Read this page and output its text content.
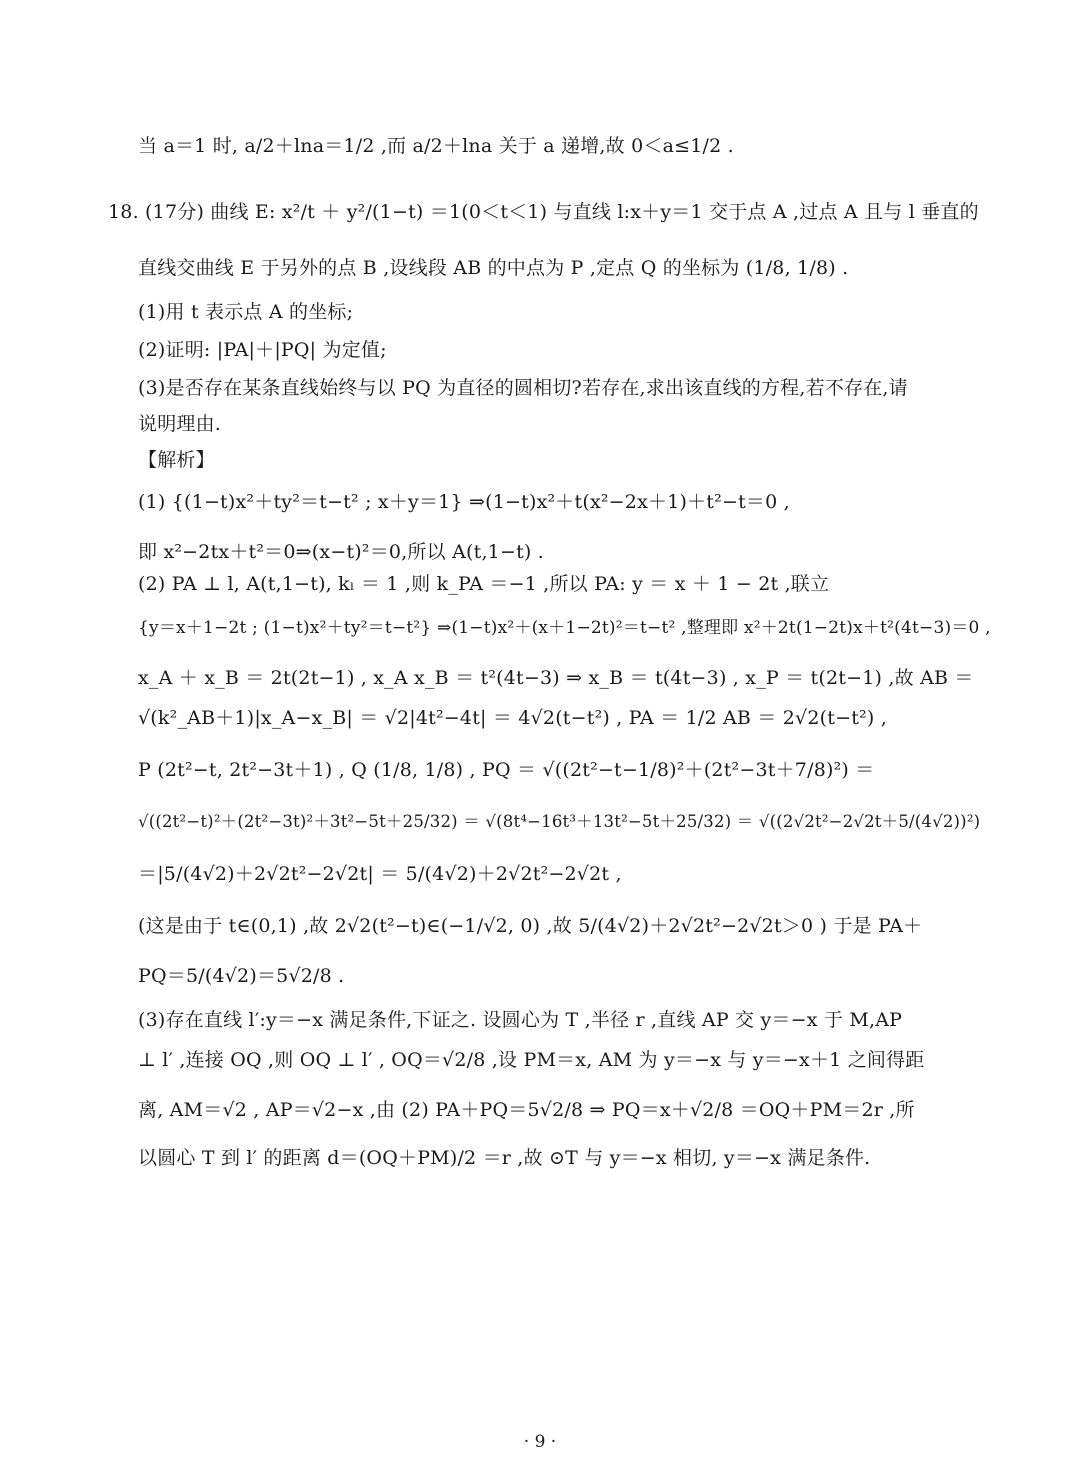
当 a＝1 时, a/2＋lna＝1/2 ,而 a/2＋lna 关于 a 递增,故 0＜a≤1/2 .
18. (17分) 曲线 E: x²/t ＋ y²/(1−t) ＝1(0＜t＜1) 与直线 l:x＋y＝1 交于点 A ,过点 A 且与 l 垂直的
直线交曲线 E 于另外的点 B ,设线段 AB 的中点为 P ,定点 Q 的坐标为 (1/8, 1/8) .
(1)用 t 表示点 A 的坐标;
(2)证明: |PA|＋|PQ| 为定值;
(3)是否存在某条直线始终与以 PQ 为直径的圆相切?若存在,求出该直线的方程,若不存在,请
说明理由.
【解析】
(1) {(1−t)x²＋ty²＝t−t² ; x＋y＝1} ⇒(1−t)x²＋t(x²−2x＋1)＋t²−t＝0 ,
即 x²−2tx＋t²＝0⇒(x−t)²＝0,所以 A(t,1−t) .
(2) PA ⊥ l, A(t,1−t), kₗ ＝ 1 ,则 k_PA ＝−1 ,所以 PA: y ＝ x ＋ 1 − 2t ,联立
{y＝x＋1−2t ; (1−t)x²＋ty²＝t−t²} ⇒(1−t)x²＋(x＋1−2t)²＝t−t² ,整理即 x²＋2t(1−2t)x＋t²(4t−3)＝0 ,
x_A ＋ x_B ＝ 2t(2t−1) , x_A x_B ＝ t²(4t−3) ⇒ x_B ＝ t(4t−3) , x_P ＝ t(2t−1) ,故 AB ＝
√(k²_AB＋1)|x_A−x_B| ＝ √2|4t²−4t| ＝ 4√2(t−t²) , PA ＝ 1/2 AB ＝ 2√2(t−t²) ,
P (2t²−t, 2t²−3t＋1) , Q (1/8, 1/8) , PQ ＝ √((2t²−t−1/8)²＋(2t²−3t＋7/8)²) ＝
√((2t²−t)²＋(2t²−3t)²＋3t²−5t＋25/32) ＝ √(8t⁴−16t³＋13t²−5t＋25/32) ＝ √((2√2t²−2√2t＋5/(4√2))²)
＝|5/(4√2)＋2√2t²−2√2t| ＝ 5/(4√2)＋2√2t²−2√2t ,
(这是由于 t∈(0,1) ,故 2√2(t²−t)∈(−1/√2, 0) ,故 5/(4√2)＋2√2t²−2√2t＞0 ) 于是 PA＋
PQ＝5/(4√2)＝5√2/8 .
(3)存在直线 l′:y＝−x 满足条件,下证之. 设圆心为 T ,半径 r ,直线 AP 交 y＝−x 于 M,AP
⊥ l′ ,连接 OQ ,则 OQ ⊥ l′ , OQ＝√2/8 ,设 PM＝x, AM 为 y＝−x 与 y＝−x＋1 之间得距
离, AM＝√2 , AP＝√2−x ,由 (2) PA＋PQ＝5√2/8 ⇒ PQ＝x＋√2/8 ＝OQ＋PM＝2r ,所
以圆心 T 到 l′ 的距离 d＝(OQ＋PM)/2 ＝r ,故 ⊙T 与 y＝−x 相切, y＝−x 满足条件.
· 9 ·
